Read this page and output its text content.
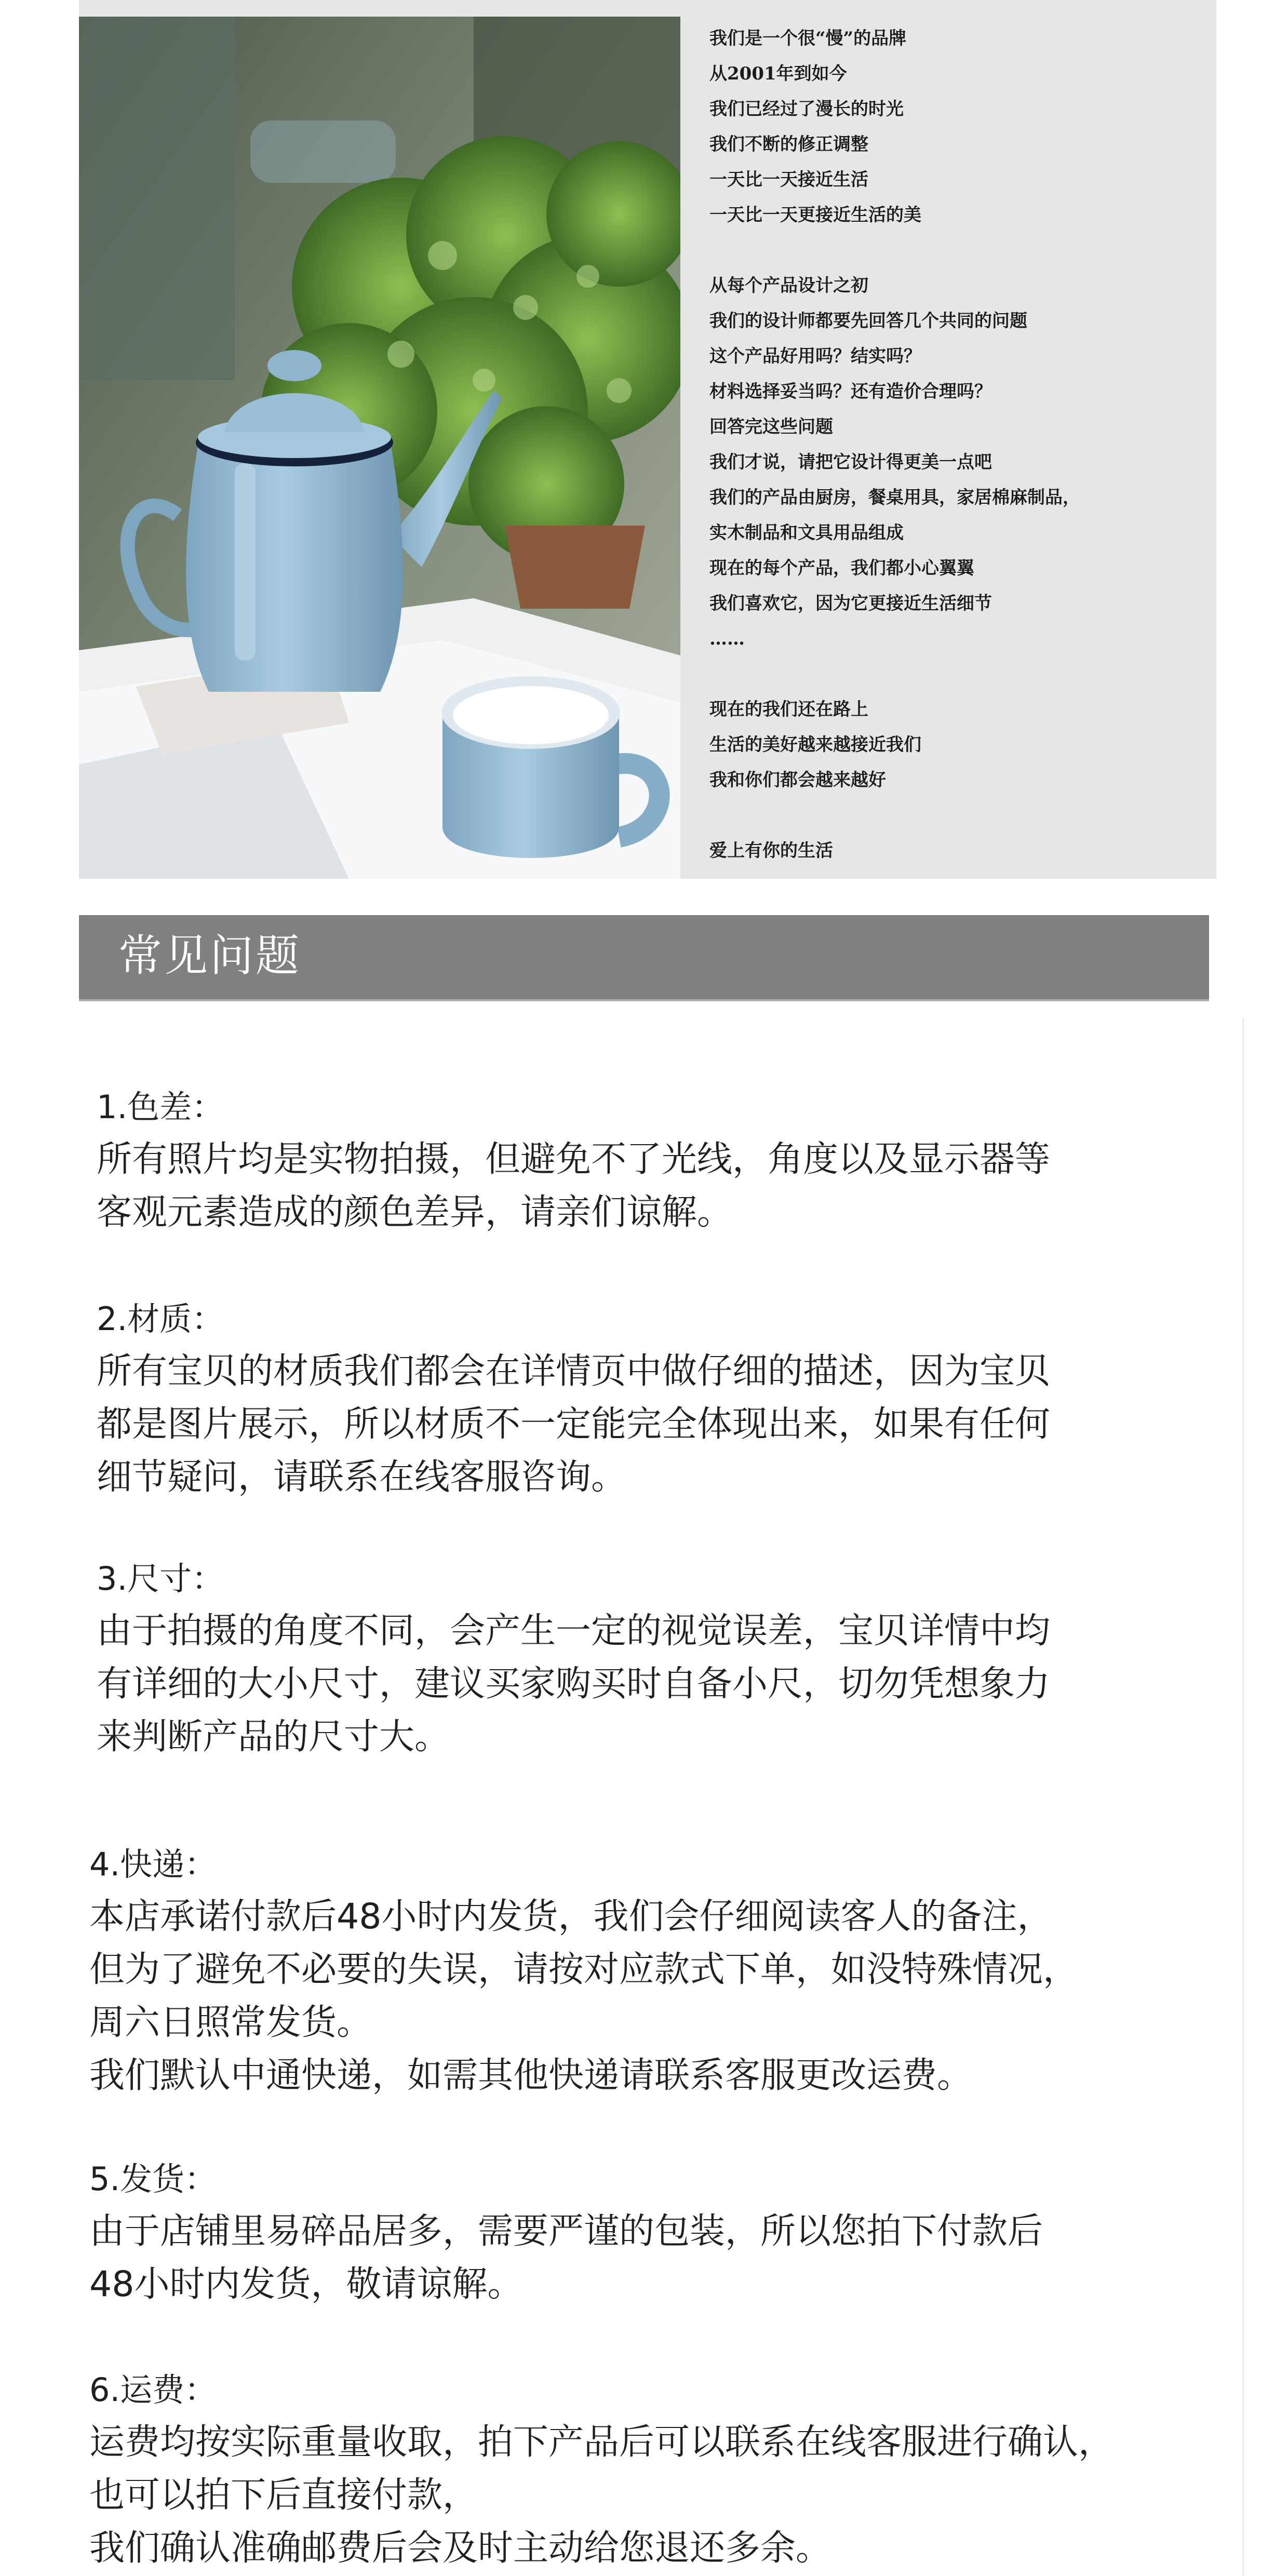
我们是一个很“慢”的品牌
从2001年到如今
我们已经过了漫长的时光
我们不断的修正调整
一天比一天接近生活
一天比一天更接近生活的美
从每个产品设计之初
我们的设计师都要先回答几个共同的问题
这个产品好用吗？结实吗？
材料选择妥当吗？还有造价合理吗？
回答完这些问题
我们才说，请把它设计得更美一点吧
我们的产品由厨房，餐桌用具，家居棉麻制品，
实木制品和文具用品组成
现在的每个产品，我们都小心翼翼
我们喜欢它，因为它更接近生活细节
……
现在的我们还在路上
生活的美好越来越接近我们
我和你们都会越来越好
爱上有你的生活
常见问题
1.色差：
所有照片均是实物拍摄，但避免不了光线，角度以及显示器等
客观元素造成的颜色差异，请亲们谅解。
2.材质：
所有宝贝的材质我们都会在详情页中做仔细的描述，因为宝贝
都是图片展示，所以材质不一定能完全体现出来，如果有任何
细节疑问，请联系在线客服咨询。
3.尺寸：
由于拍摄的角度不同，会产生一定的视觉误差，宝贝详情中均
有详细的大小尺寸，建议买家购买时自备小尺，切勿凭想象力
来判断产品的尺寸大。
4.快递：
本店承诺付款后48小时内发货，我们会仔细阅读客人的备注，
但为了避免不必要的失误，请按对应款式下单，如没特殊情况，
周六日照常发货。
我们默认中通快递，如需其他快递请联系客服更改运费。
5.发货：
由于店铺里易碎品居多，需要严谨的包装，所以您拍下付款后
48小时内发货，敬请谅解。
6.运费：
运费均按实际重量收取，拍下产品后可以联系在线客服进行确认，
也可以拍下后直接付款，
我们确认准确邮费后会及时主动给您退还多余。
